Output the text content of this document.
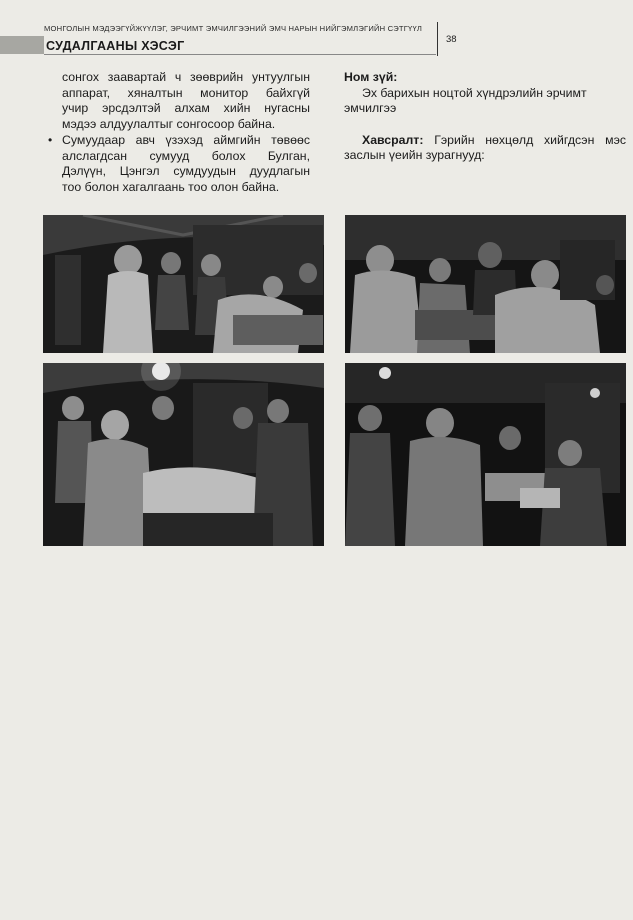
МОНГОЛЫН МЭДЭЭГҮЙЖҮҮЛЭГ, ЭРЧИМТ ЭМЧИЛГЭЭНИЙ ЭМЧ НАРЫН НИЙГЭМЛЭГИЙН СЭТГҮҮЛ
СУДАЛГААНЫ ХЭСЭГ	38
сонгох заавартай ч зөөврийн унтуулгын
аппарат, хяналтын монитор байхгүй
учир эрсдэлтэй алхам хийн нугасны
мэдээ алдуулалтыг сонгосоор байна.
• Сумуудаар авч үзэхэд аймгийн төвөөс
алслагдсан сумууд болох Булган,
Дэлүүн, Цэнгэл сумдуудын дуудлагын
тоо болон хагалгаань тоо олон байна.
Ном зүй:
Эх барихын ноцтой хүндрэлийн эрчимт эмчилгээ
Хавсралт: Гэрийн нөхцөлд хийгдсэн мэс заслын үеийн зурагнууд:
